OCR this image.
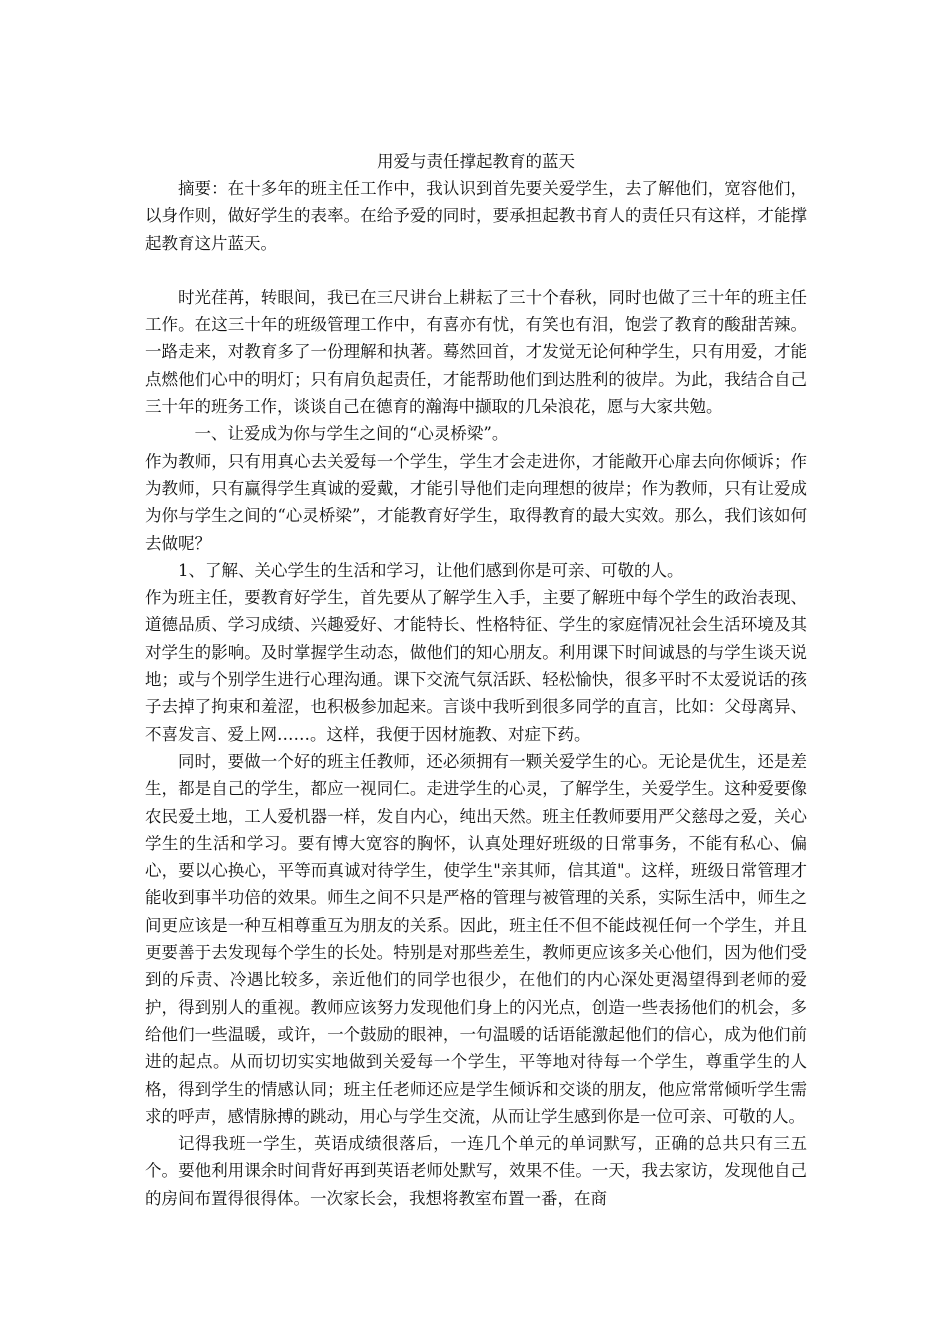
用爱与责任撑起教育的蓝天

摘要：在十多年的班主任工作中，我认识到首先要关爱学生，去了解他们，宽容他们，以身作则，做好学生的表率。在给予爱的同时，要承担起教书育人的责任只有这样，才能撑起教育这片蓝天。

时光荏苒，转眼间，我已在三尺讲台上耕耘了三十个春秋，同时也做了三十年的班主任工作。在这三十年的班级管理工作中，有喜亦有忧，有笑也有泪，饱尝了教育的酸甜苦辣。一路走来，对教育多了一份理解和执著。蓦然回首，才发觉无论何种学生，只有用爱，才能点燃他们心中的明灯；只有肩负起责任，才能帮助他们到达胜利的彼岸。为此，我结合自己三十年的班务工作，谈谈自己在德育的瀚海中撷取的几朵浪花，愿与大家共勉。

一、让爱成为你与学生之间的“心灵桥梁”。

作为教师，只有用真心去关爱每一个学生，学生才会走进你，才能敞开心扉去向你倾诉；作为教师，只有赢得学生真诚的爱戴，才能引导他们走向理想的彼岸；作为教师，只有让爱成为你与学生之间的“心灵桥梁”，才能教育好学生，取得教育的最大实效。那么，我们该如何去做呢？

1、了解、关心学生的生活和学习，让他们感到你是可亲、可敬的人。

作为班主任，要教育好学生，首先要从了解学生入手，主要了解班中每个学生的政治表现、道德品质、学习成绩、兴趣爱好、才能特长、性格特征、学生的家庭情况社会生活环境及其对学生的影响。及时掌握学生动态，做他们的知心朋友。利用课下时间诚恳的与学生谈天说地；或与个别学生进行心理沟通。课下交流气氛活跃、轻松愉快，很多平时不太爱说话的孩子去掉了拘束和羞涩，也积极参加起来。言谈中我听到很多同学的直言，比如：父母离异、不喜发言、爱上网……。这样，我便于因材施教、对症下药。

同时，要做一个好的班主任教师，还必须拥有一颗关爱学生的心。无论是优生，还是差生，都是自己的学生，都应一视同仁。走进学生的心灵，了解学生，关爱学生。这种爱要像农民爱土地，工人爱机器一样，发自内心，纯出天然。班主任教师要用严父慈母之爱，关心学生的生活和学习。要有博大宽容的胸怀，认真处理好班级的日常事务，不能有私心、偏心，要以心换心，平等而真诚对待学生，使学生"亲其师，信其道"。这样，班级日常管理才能收到事半功倍的效果。师生之间不只是严格的管理与被管理的关系，实际生活中，师生之间更应该是一种互相尊重互为朋友的关系。因此，班主任不但不能歧视任何一个学生，并且更要善于去发现每个学生的长处。特别是对那些差生，教师更应该多关心他们，因为他们受到的斥责、冷遇比较多，亲近他们的同学也很少，在他们的内心深处更渴望得到老师的爱护，得到别人的重视。教师应该努力发现他们身上的闪光点，创造一些表扬他们的机会，多给他们一些温暖，或许，一个鼓励的眼神，一句温暖的话语能激起他们的信心，成为他们前进的起点。从而切切实实地做到关爱每一个学生，平等地对待每一个学生，尊重学生的人格，得到学生的情感认同；班主任老师还应是学生倾诉和交谈的朋友，他应常常倾听学生需求的呼声，感情脉搏的跳动，用心与学生交流，从而让学生感到你是一位可亲、可敬的人。

记得我班一学生，英语成绩很落后，一连几个单元的单词默写，正确的总共只有三五个。要他利用课余时间背好再到英语老师处默写，效果不佳。一天，我去家访，发现他自己的房间布置得很得体。一次家长会，我想将教室布置一番，在商
